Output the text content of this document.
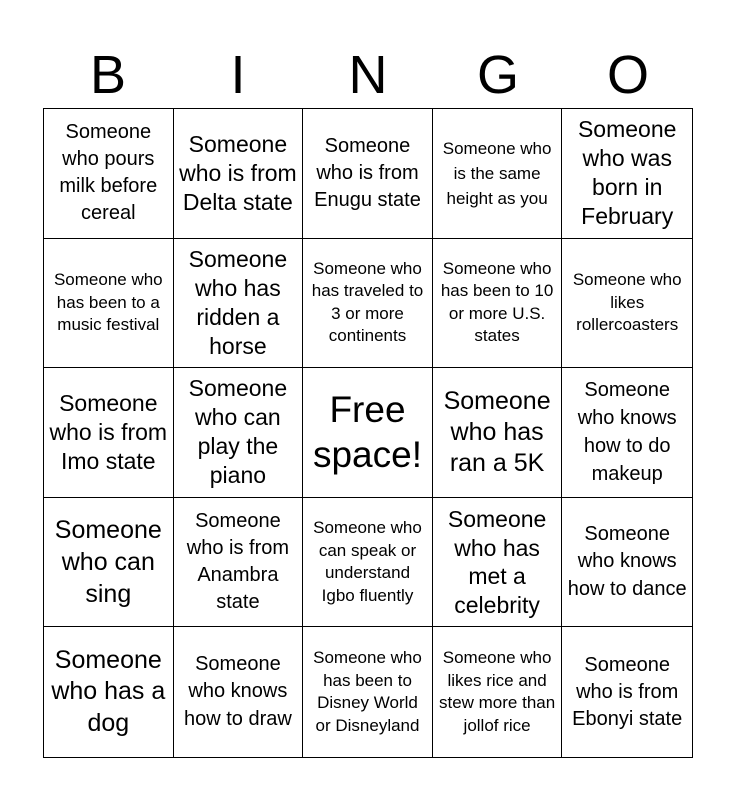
B	I	N	G	O
Someone who pours milk before cereal
Someone who is from Delta state
Someone who is from Enugu state
Someone who is the same height as you
Someone who was born in February
Someone who has been to a music festival
Someone who has ridden a horse
Someone who has traveled to 3 or more continents
Someone who has been to 10 or more U.S. states
Someone who likes rollercoasters
Someone who is from Imo state
Someone who can play the piano
Free space!
Someone who has ran a 5K
Someone who knows how to do makeup
Someone who can sing
Someone who is from Anambra state
Someone who can speak or understand Igbo fluently
Someone who has met a celebrity
Someone who knows how to dance
Someone who has a dog
Someone who knows how to draw
Someone who has been to Disney World or Disneyland
Someone who likes rice and stew more than jollof rice
Someone who is from Ebonyi state
